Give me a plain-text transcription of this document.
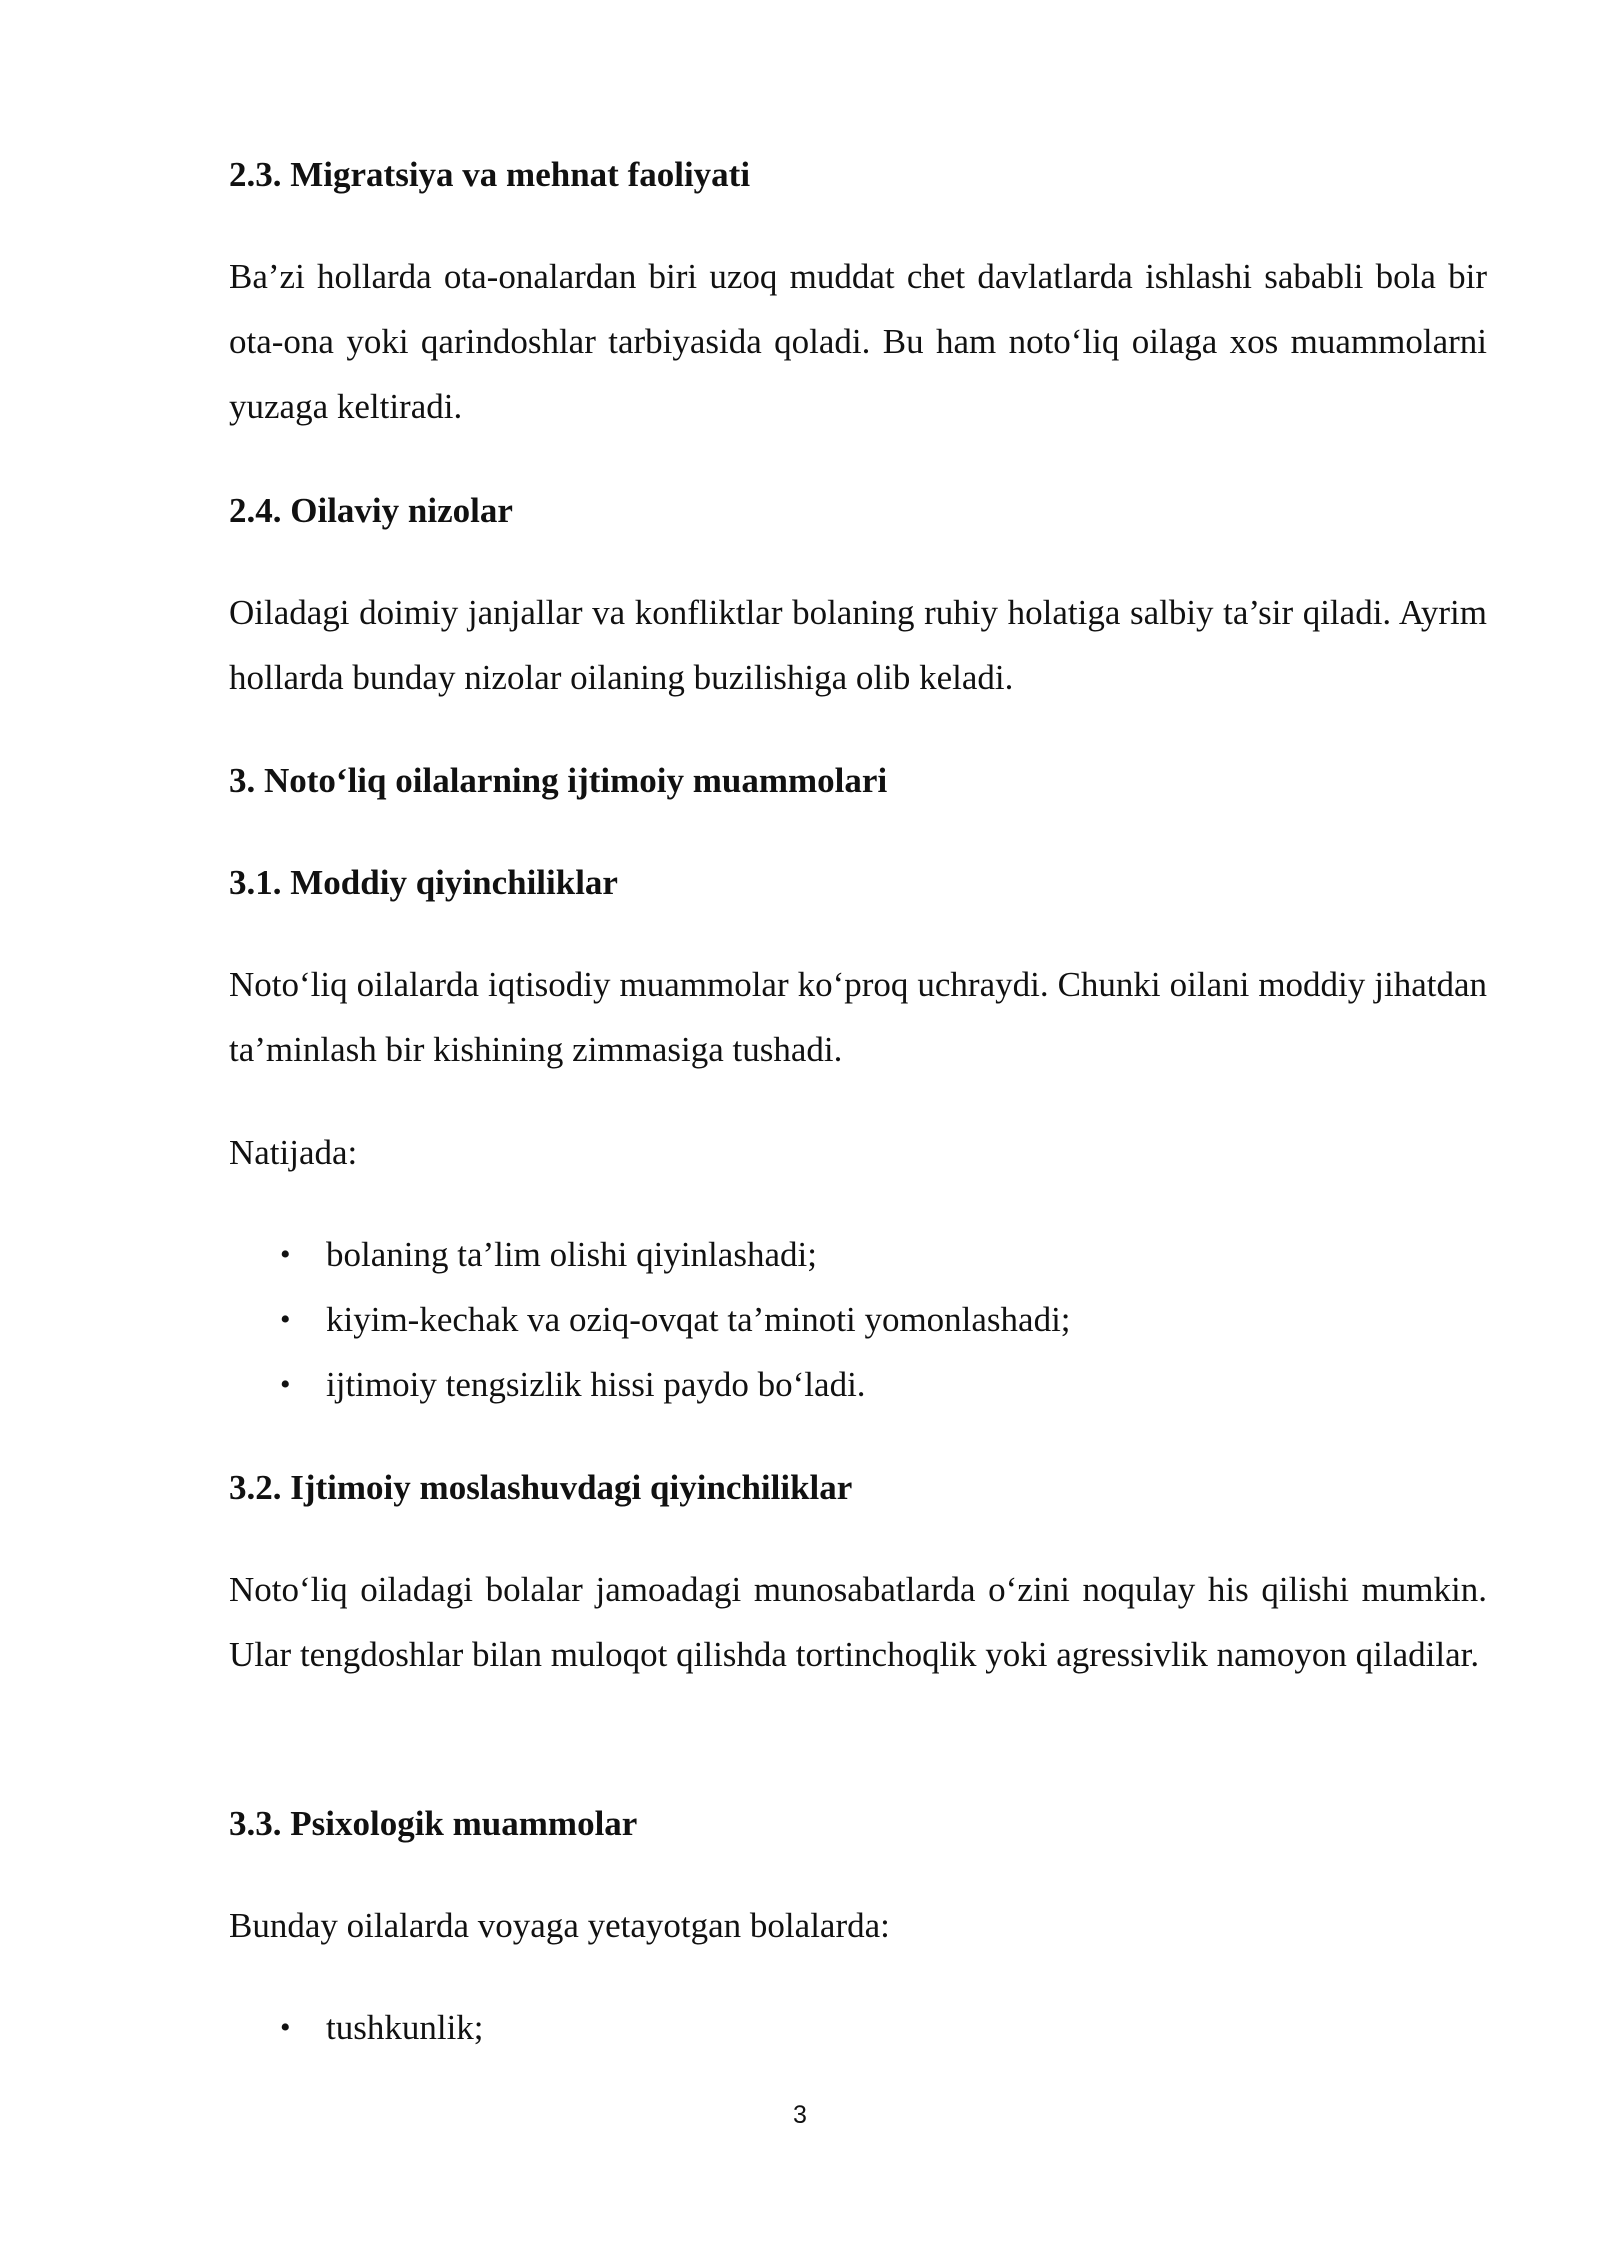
2.3. Migratsiya va mehnat faoliyati

Ba’zi hollarda ota-onalardan biri uzoq muddat chet davlatlarda ishlashi sababli bola bir ota-ona yoki qarindoshlar tarbiyasida qoladi. Bu ham noto‘liq oilaga xos muammolarni yuzaga keltiradi.

2.4. Oilaviy nizolar

Oiladagi doimiy janjallar va konfliktlar bolaning ruhiy holatiga salbiy ta’sir qiladi. Ayrim hollarda bunday nizolar oilaning buzilishiga olib keladi.

3. Noto‘liq oilalarning ijtimoiy muammolari
3.1. Moddiy qiyinchiliklar

Noto‘liq oilalarda iqtisodiy muammolar ko‘proq uchraydi. Chunki oilani moddiy jihatdan ta’minlash bir kishining zimmasiga tushadi.

Natijada:

• bolaning ta’lim olishi qiyinlashadi;
• kiyim-kechak va oziq-ovqat ta’minoti yomonlashadi;
• ijtimoiy tengsizlik hissi paydo bo‘ladi.
3.2. Ijtimoiy moslashuvdagi qiyinchiliklar

Noto‘liq oiladagi bolalar jamoadagi munosabatlarda o‘zini noqulay his qilishi mumkin. Ular tengdoshlar bilan muloqot qilishda tortinchoqlik yoki agressivlik namoyon qiladilar.

3.3. Psixologik muammolar

Bunday oilalarda voyaga yetayotgan bolalarda:

• tushkunlik;
3
